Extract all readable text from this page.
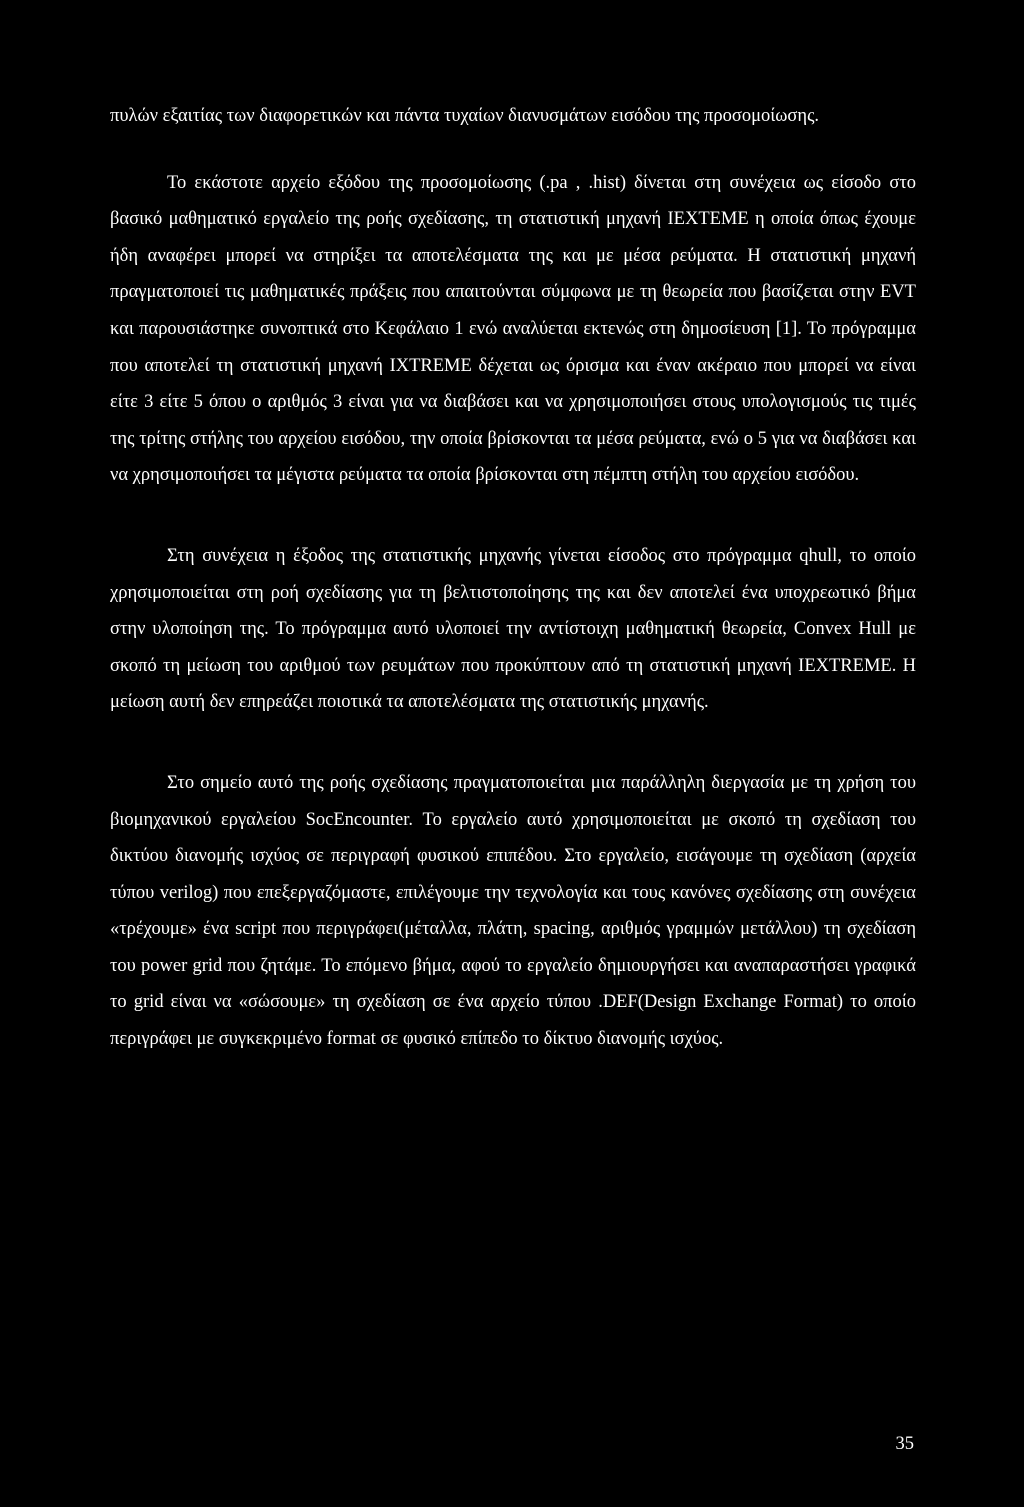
πυλών εξαιτίας των διαφορετικών και πάντα τυχαίων διανυσμάτων εισόδου της προσομοίωσης.

Το εκάστοτε αρχείο εξόδου της προσομοίωσης (.pa , .hist) δίνεται στη συνέχεια ως είσοδο στο βασικό μαθηματικό εργαλείο της ροής σχεδίασης, τη στατιστική μηχανή IEXTEME η οποία όπως έχουμε ήδη αναφέρει μπορεί να στηρίξει τα αποτελέσματα της και με μέσα ρεύματα. Η στατιστική μηχανή πραγματοποιεί τις μαθηματικές πράξεις που απαιτούνται σύμφωνα με τη θεωρεία που βασίζεται στην EVT και παρουσιάστηκε συνοπτικά στο Κεφάλαιο 1 ενώ αναλύεται εκτενώς στη δημοσίευση [1]. Το πρόγραμμα που αποτελεί τη στατιστική μηχανή IXTREME δέχεται ως όρισμα και έναν ακέραιο που μπορεί να είναι είτε 3 είτε 5 όπου ο αριθμός 3 είναι για να διαβάσει και να χρησιμοποιήσει στους υπολογισμούς τις τιμές της τρίτης στήλης του αρχείου εισόδου, την οποία βρίσκονται τα μέσα ρεύματα, ενώ ο 5 για να διαβάσει και να χρησιμοποιήσει τα μέγιστα ρεύματα τα οποία βρίσκονται στη πέμπτη στήλη του αρχείου εισόδου.

Στη συνέχεια η έξοδος της στατιστικής μηχανής γίνεται είσοδος στο πρόγραμμα qhull, το οποίο χρησιμοποιείται στη ροή σχεδίασης για τη βελτιστοποίησης της και δεν αποτελεί ένα υποχρεωτικό βήμα στην υλοποίηση της. Το πρόγραμμα αυτό υλοποιεί την αντίστοιχη μαθηματική θεωρεία, Convex Hull με σκοπό τη μείωση του αριθμού των ρευμάτων που προκύπτουν από τη στατιστική μηχανή IEXTREME. Η μείωση αυτή δεν επηρεάζει ποιοτικά τα αποτελέσματα της στατιστικής μηχανής.

Στο σημείο αυτό της ροής σχεδίασης πραγματοποιείται μια παράλληλη διεργασία με τη χρήση του βιομηχανικού εργαλείου SocEncounter. Το εργαλείο αυτό χρησιμοποιείται με σκοπό τη σχεδίαση του δικτύου διανομής ισχύος σε περιγραφή φυσικού επιπέδου. Στο εργαλείο, εισάγουμε τη σχεδίαση (αρχεία τύπου verilog) που επεξεργαζόμαστε, επιλέγουμε την τεχνολογία και τους κανόνες σχεδίασης στη συνέχεια «τρέχουμε» ένα script που περιγράφει(μέταλλα, πλάτη, spacing, αριθμός γραμμών μετάλλου) τη σχεδίαση του power grid που ζητάμε. Το επόμενο βήμα, αφού το εργαλείο δημιουργήσει και αναπαραστήσει γραφικά το grid είναι να «σώσουμε» τη σχεδίαση σε ένα αρχείο τύπου .DEF(Design Exchange Format) το οποίο περιγράφει με συγκεκριμένο format σε φυσικό επίπεδο το δίκτυο διανομής ισχύος.

35
